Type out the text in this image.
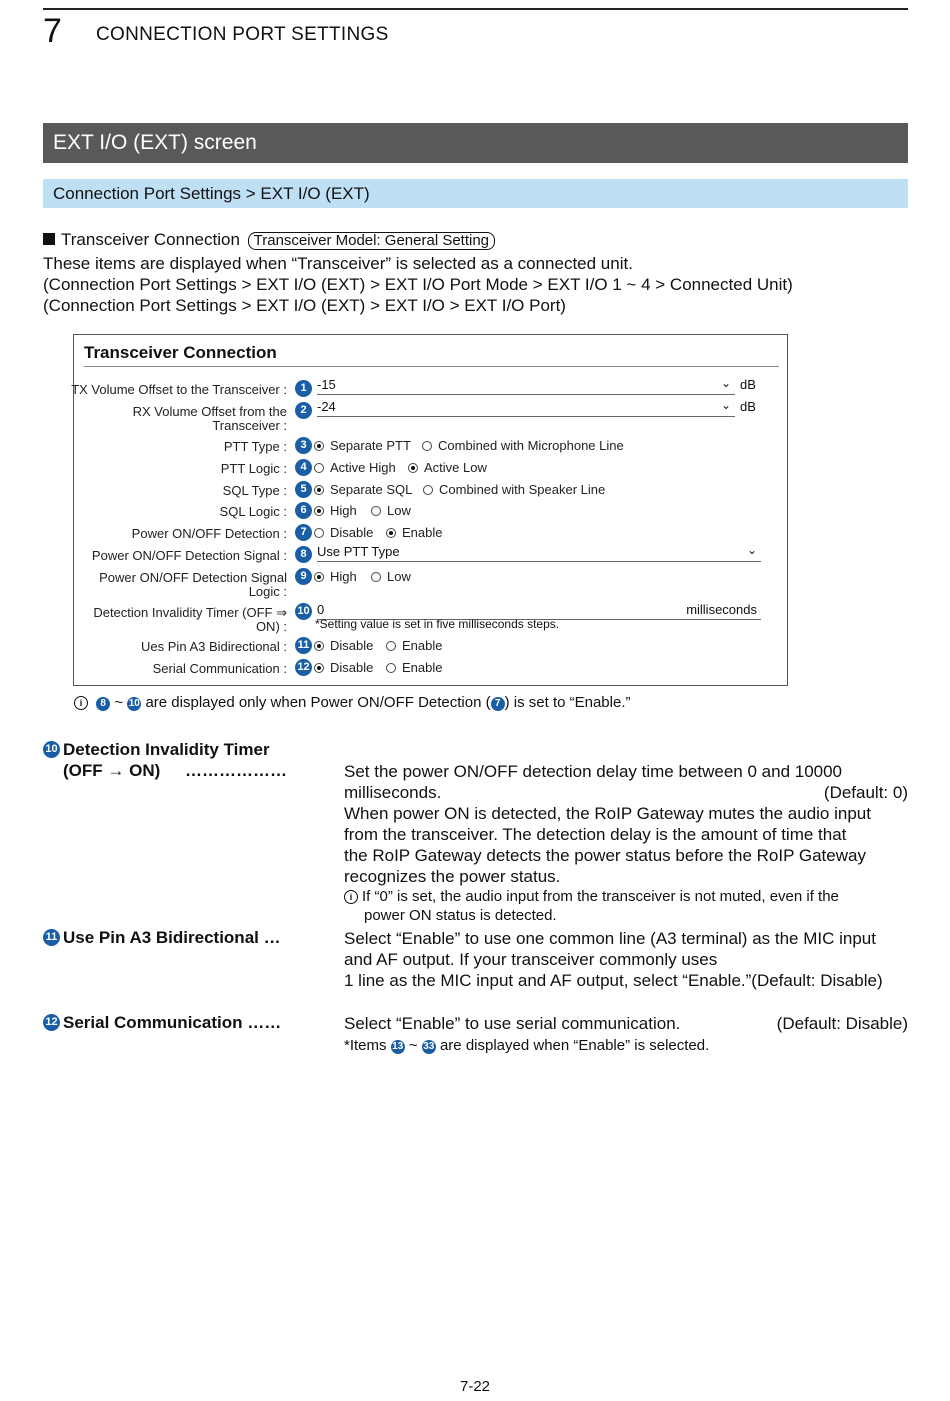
7 CONNECTION PORT SETTINGS
EXT I/O (EXT) screen
Connection Port Settings > EXT I/O (EXT)
Transceiver Connection Transceiver Model: General Setting
These items are displayed when “Transceiver” is selected as a connected unit.
(Connection Port Settings > EXT I/O (EXT) > EXT I/O Port Mode > EXT I/O 1 ~ 4 > Connected Unit)
(Connection Port Settings > EXT I/O (EXT) > EXT I/O > EXT I/O Port)
Transceiver Connection
TX Volume Offset to the Transceiver :	1 -15	⌄ dB
RX Volume Offset from the
Transceiver :
2 -24	⌄ dB
PTT Type :	3	Separate PTT	Combined with Microphone Line
PTT Logic :	4	Active High	Active Low
SQL Type :	5	Separate SQL	Combined with Speaker Line
SQL Logic :	6	High	Low
Power ON/OFF Detection :	7	Disable	Enable
Power ON/OFF Detection Signal :	8 Use PTT Type	⌄
Power ON/OFF Detection Signal
Logic :
9	High	Low
Detection Invalidity Timer (OFF ⇒
ON) :
10 0	milliseconds
*Setting value is set in five milliseconds steps.
Ues Pin A3 Bidirectional : 11	Disable	Enable
Serial Communication : 12	Disable	Enable
i 8 ~ 10 are displayed only when Power ON/OFF Detection ( 7 ) is set to “Enable.”
10 Detection Invalidity Timer
(OFF → ON) ………………	Set the power ON/OFF detection delay time between 0 and 10000
milliseconds.	(Default: 0)
When power ON is detected, the RoIP Gateway mutes the audio input
from the transceiver. The detection delay is the amount of time that
the RoIP Gateway detects the power status before the RoIP Gateway
recognizes the power status.
i If “0” is set, the audio input from the transceiver is not muted, even if the
power ON status is detected.
11 Use Pin A3 Bidirectional …	Select “Enable” to use one common line (A3 terminal) as the MIC input
and AF output. If your transceiver commonly uses
1 line as the MIC input and AF output, select “Enable.”(Default: Disable)
12 Serial Communication ……	Select “Enable” to use serial communication.	(Default: Disable)
*Items 13 ~ 33 are displayed when “Enable” is selected.
7-22
